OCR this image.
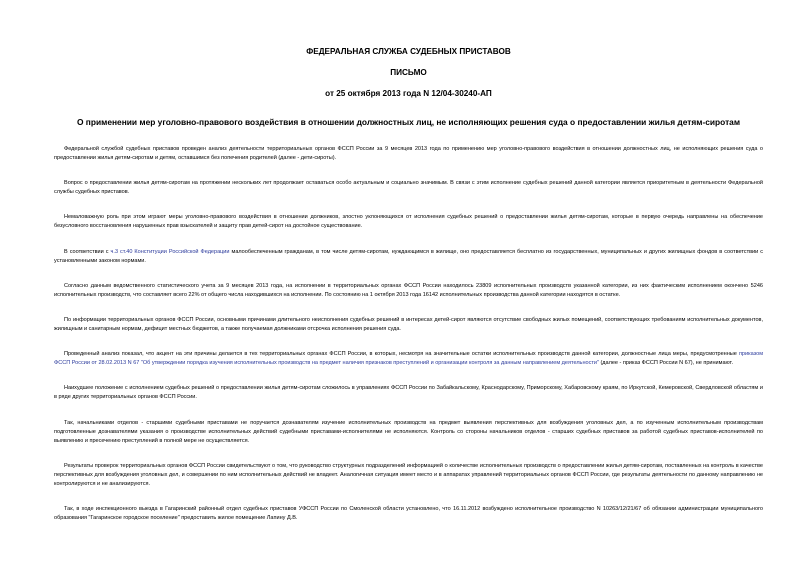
ФЕДЕРАЛЬНАЯ СЛУЖБА СУДЕБНЫХ ПРИСТАВОВ
ПИСЬМО
от 25 октября 2013 года N 12/04-30240-АП
О применении мер уголовно-правового воздействия в отношении должностных лиц, не исполняющих решения суда о предоставлении жилья детям-сиротам

Федеральной службой судебных приставов проведен анализ деятельности территориальных органов ФССП России за 9 месяцев 2013 года по применению мер уголовно-правового воздействия в отношении должностных лиц, не исполняющих решения суда о предоставлении жилья детям-сиротам и детям, оставшимся без попечения родителей (далее - дети-сироты).

Вопрос о предоставлении жилья детям-сиротам на протяжении нескольких лет продолжает оставаться особо актуальным и социально значимым. В связи с этим исполнение судебных решений данной категории является приоритетным в деятельности Федеральной службы судебных приставов.

Немаловажную роль при этом играют меры уголовно-правового воздействия в отношении должников, злостно уклоняющихся от исполнения судебных решений о предоставлении жилья детям-сиротам, которые в первую очередь направлены на обеспечение безусловного восстановления нарушенных прав взыскателей и защиту прав детей-сирот на достойное существование.

В соответствии с ч.3 ст.40 Конституции Российской Федерации малообеспеченным гражданам, в том числе детям-сиротам, нуждающимся в жилище, оно предоставляется бесплатно из государственных, муниципальных и других жилищных фондов в соответствии с установленными законом нормами.

Согласно данным ведомственного статистического учета за 9 месяцев 2013 года, на исполнении в территориальных органах ФССП России находилось 23809 исполнительных производств указанной категории, из них фактическим исполнением окончено 5246 исполнительных производств, что составляет всего 22% от общего числа находившихся на исполнении. По состоянию на 1 октября 2013 года 16142 исполнительных производства данной категории находятся в остатке.

По информации территориальных органов ФССП России, основными причинами длительного неисполнения судебных решений в интересах детей-сирот являются отсутствие свободных жилых помещений, соответствующих требованиям исполнительных документов, жилищным и санитарным нормам, дефицит местных бюджетов, а также получаемая должниками отсрочка исполнения решения суда.

Проведенный анализ показал, что акцент на эти причины делается в тех территориальных органах ФССП России, в которых, несмотря на значительные остатки исполнительных производств данной категории, должностные лица меры, предусмотренные приказом ФССП России от 28.02.2013 N 67 "Об утверждении порядка изучения исполнительных производств на предмет наличия признаков преступлений и организации контроля за данным направлением деятельности" (далее - приказ ФССП России N 67), не принимают.

Наихудшее положение с исполнением судебных решений о предоставлении жилья детям-сиротам сложилось в управлениях ФССП России по Забайкальскому, Краснодарскому, Приморскому, Хабаровскому краям, по Иркутской, Кемеровской, Свердловской областям и в ряде других территориальных органов ФССП России.

Так, начальниками отделов - старшими судебными приставами не поручается дознавателям изучение исполнительных производств на предмет выявления перспективных для возбуждения уголовных дел, а по изученным исполнительным производствам подготовленные дознавателями указания о производстве исполнительных действий судебными приставами-исполнителями не исполняются. Контроль со стороны начальников отделов - старших судебных приставов за работой судебных приставов-исполнителей по выявлению и пресечению преступлений в полной мере не осуществляется.

Результаты проверок территориальных органов ФССП России свидетельствуют о том, что руководство структурных подразделений информацией о количестве исполнительных производств о предоставлении жилья детям-сиротам, поставленных на контроль в качестве перспективных для возбуждения уголовных дел, и совершении по ним исполнительных действий не владеет. Аналогичная ситуация имеет место и в аппаратах управлений территориальных органов ФССП России, где результаты деятельности по данному направлению не контролируются и не анализируются.

Так, в ходе инспекционного выезда в Гагаринский районный отдел судебных приставов УФССП России по Смоленской области установлено, что 16.11.2012 возбуждено исполнительное производство N 10263/12/21/67 об обязании администрации муниципального образования "Гагаринское городское поселение" предоставить жилое помещение Лапину Д.В.
